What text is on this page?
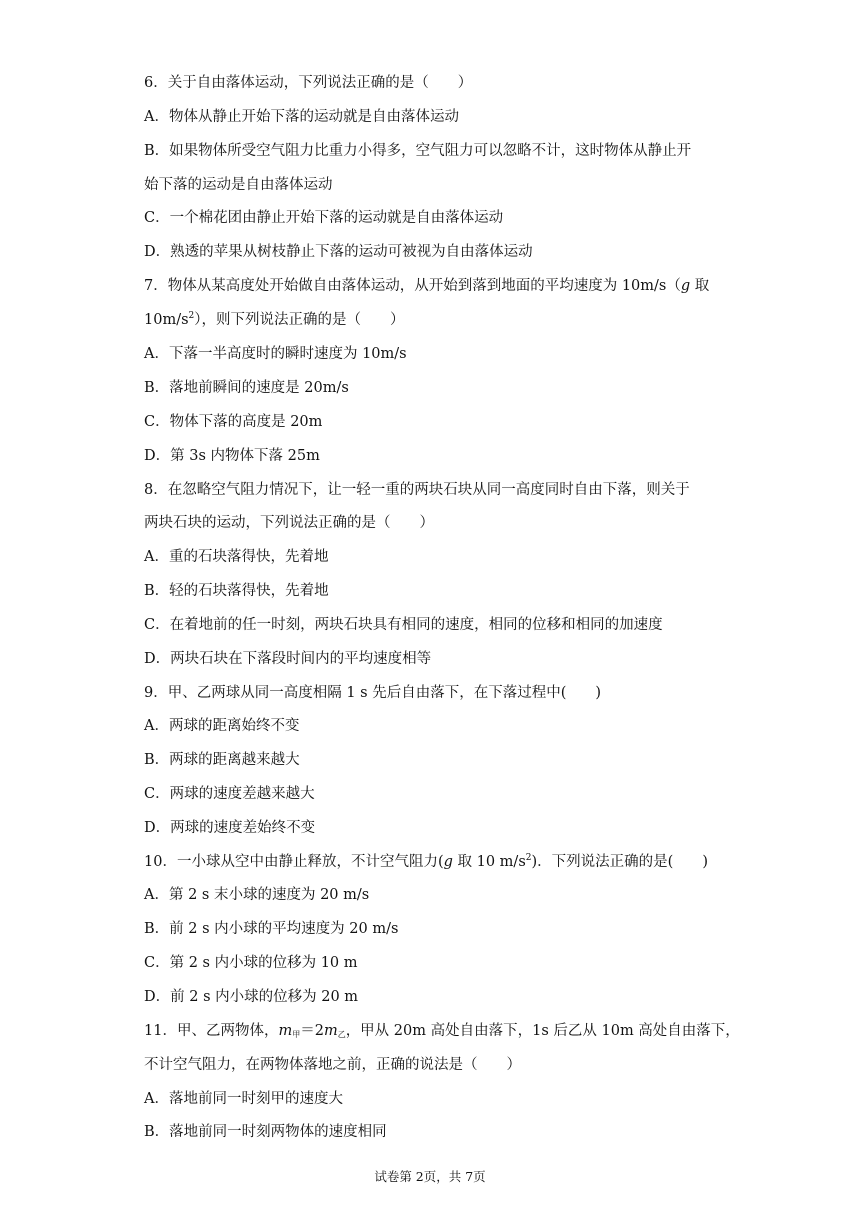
6．关于自由落体运动，下列说法正确的是（　　）
A．物体从静止开始下落的运动就是自由落体运动
B．如果物体所受空气阻力比重力小得多，空气阻力可以忽略不计，这时物体从静止开
始下落的运动是自由落体运动
C．一个棉花团由静止开始下落的运动就是自由落体运动
D．熟透的苹果从树枝静止下落的运动可被视为自由落体运动
7．物体从某高度处开始做自由落体运动，从开始到落到地面的平均速度为 10m/s（g 取
$10m/s^2$），则下列说法正确的是（　　）
A．下落一半高度时的瞬时速度为 10m/s
B．落地前瞬间的速度是 20m/s
C．物体下落的高度是 20m
D．第 3s 内物体下落 25m
8．在忽略空气阻力情况下，让一轻一重的两块石块从同一高度同时自由下落，则关于
两块石块的运动，下列说法正确的是（　　）
A．重的石块落得快，先着地
B．轻的石块落得快，先着地
C．在着地前的任一时刻，两块石块具有相同的速度，相同的位移和相同的加速度
D．两块石块在下落段时间内的平均速度相等
9．甲、乙两球从同一高度相隔 1 s 先后自由落下，在下落过程中(　　)
A．两球的距离始终不变
B．两球的距离越来越大
C．两球的速度差越来越大
D．两球的速度差始终不变
10．一小球从空中由静止释放，不计空气阻力(g 取 10 $m/s^2$)．下列说法正确的是(　　)
A．第 2 s 末小球的速度为 20 m/s
B．前 2 s 内小球的平均速度为 20 m/s
C．第 2 s 内小球的位移为 10 m
D．前 2 s 内小球的位移为 20 m
11．甲、乙两物体，$m_甲=2m_乙$，甲从 20m 高处自由落下，1s 后乙从 10m 高处自由落下，
不计空气阻力，在两物体落地之前，正确的说法是（　　）
A．落地前同一时刻甲的速度大
B．落地前同一时刻两物体的速度相同
试卷第 2页，共 7页
